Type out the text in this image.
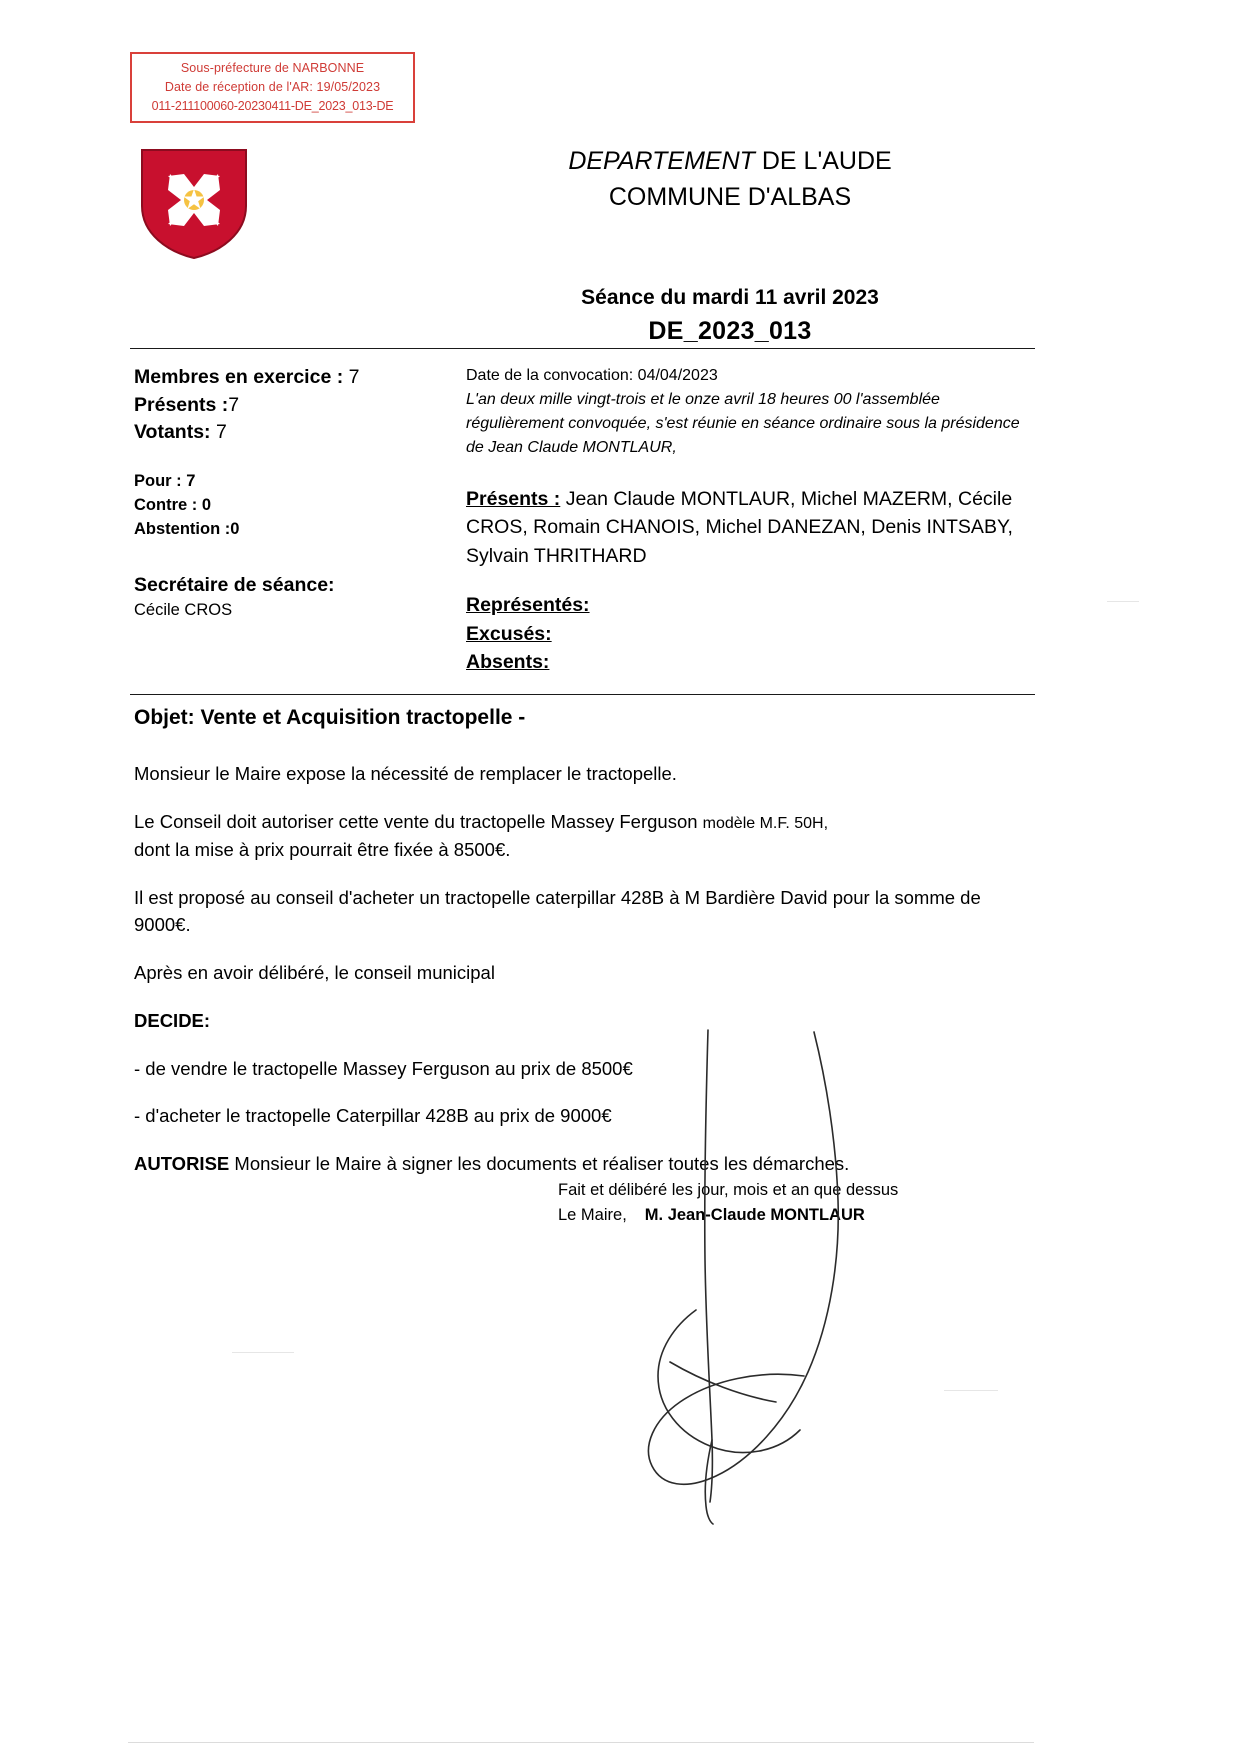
Sous-préfecture de NARBONNE
Date de réception de l'AR: 19/05/2023
011-211100060-20230411-DE_2023_013-DE
DEPARTEMENT DE L'AUDE
COMMUNE D'ALBAS
Séance du mardi 11 avril 2023
DE_2023_013
Membres en exercice : 7
Présents :7
Votants: 7
Pour : 7
Contre : 0
Abstention :0
Secrétaire de séance:
Cécile CROS
Date de la convocation: 04/04/2023
L'an deux mille vingt-trois et le onze avril 18 heures 00 l'assemblée régulièrement convoquée, s'est réunie en séance ordinaire sous la présidence de Jean Claude MONTLAUR,
Présents : Jean Claude MONTLAUR, Michel MAZERM, Cécile CROS, Romain CHANOIS, Michel DANEZAN, Denis INTSABY, Sylvain THRITHARD
Représentés:
Excusés:
Absents:
Objet: Vente et Acquisition tractopelle -

Monsieur le Maire expose la nécessité de remplacer le tractopelle.

Le Conseil doit autoriser cette vente du tractopelle Massey Ferguson modèle M.F. 50H,
dont la mise à prix pourrait être fixée à 8500€.

Il est proposé au conseil d'acheter un tractopelle caterpillar 428B à M Bardière David pour la somme de 9000€.

Après en avoir délibéré, le conseil municipal

DECIDE:

- de vendre le tractopelle Massey Ferguson au prix de 8500€

- d'acheter le tractopelle Caterpillar 428B au prix de 9000€

AUTORISE Monsieur le Maire à signer les documents et réaliser toutes les démarches.

Fait et délibéré les jour, mois et an que dessus
Le Maire, M. Jean-Claude MONTLAUR
